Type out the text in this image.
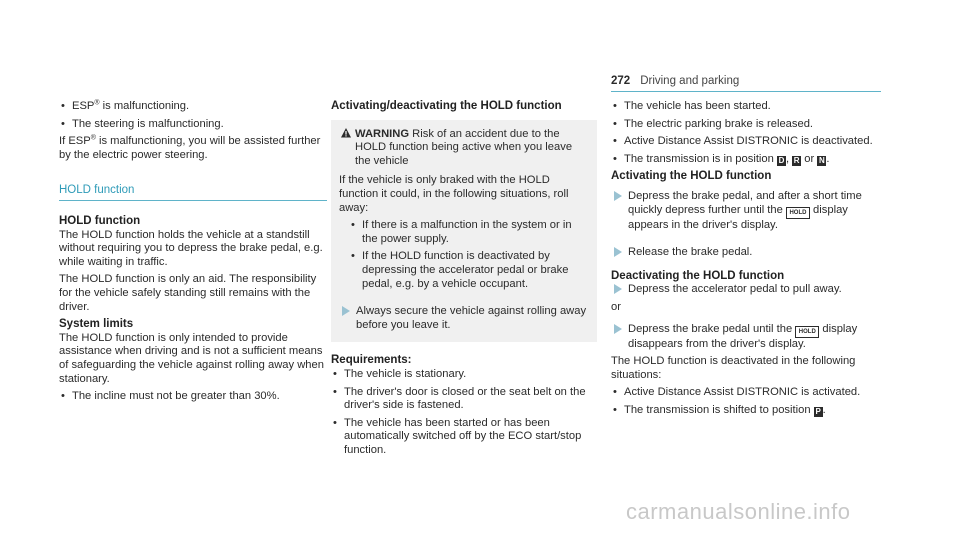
272 Driving and parking
• ESP® is malfunctioning.
• The steering is malfunctioning.

If ESP® is malfunctioning, you will be assisted further by the electric power steering.

HOLD function
HOLD function

The HOLD function holds the vehicle at a standstill without requiring you to depress the brake pedal, e.g. while waiting in traffic.

The HOLD function is only an aid. The responsibility for the vehicle safely standing still remains with the driver.

System limits

The HOLD function is only intended to provide assistance when driving and is not a sufficient means of safeguarding the vehicle against rolling away when stationary.

• The incline must not be greater than 30%.
Activating/deactivating the HOLD function
WARNING Risk of an accident due to the HOLD function being active when you leave the vehicle

If the vehicle is only braked with the HOLD function it could, in the following situations, roll away:

• If there is a malfunction in the system or in the power supply.
• If the HOLD function is deactivated by depressing the accelerator pedal or brake pedal, e.g. by a vehicle occupant.
Always secure the vehicle against rolling away before you leave it.
Requirements:
• The vehicle is stationary.
• The driver's door is closed or the seat belt on the driver's side is fastened.
• The vehicle has been started or has been automatically switched off by the ECO start/stop function.
• The vehicle has been started.
• The electric parking brake is released.
• Active Distance Assist DISTRONIC is deactivated.
• The transmission is in position D , R or N .
Activating the HOLD function
Depress the brake pedal, and after a short time quickly depress further until the HOLD display appears in the driver's display.
Release the brake pedal.
Deactivating the HOLD function
Depress the accelerator pedal to pull away.

or

Depress the brake pedal until the HOLD display disappears from the driver's display.

The HOLD function is deactivated in the following situations:

• Active Distance Assist DISTRONIC is activated.
• The transmission is shifted to position P .
carmanualsonline.info
